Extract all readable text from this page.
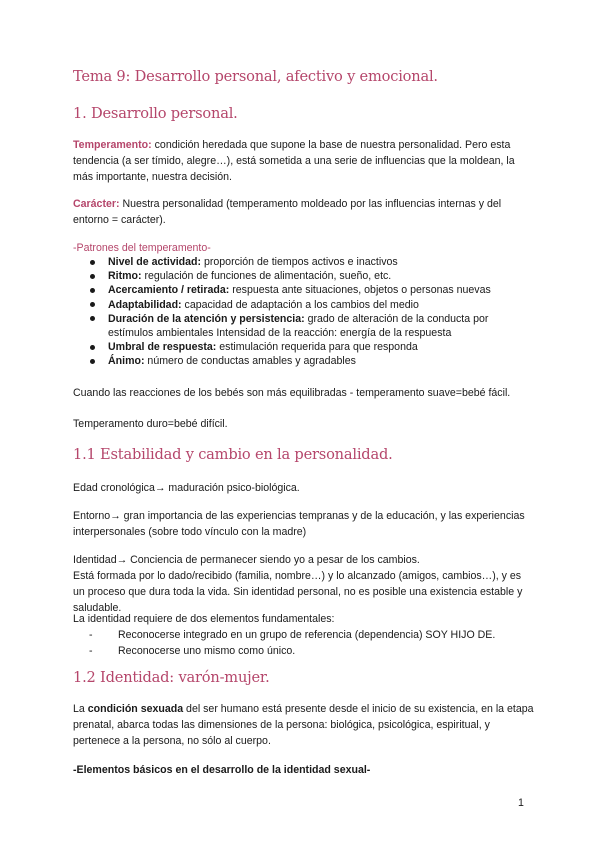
Tema 9: Desarrollo personal, afectivo y emocional.
1. Desarrollo personal.

Temperamento: condición heredada que supone la base de nuestra personalidad. Pero esta tendencia (a ser tímido, alegre…), está sometida a una serie de influencias que la moldean, la más importante, nuestra decisión.

Carácter: Nuestra personalidad (temperamento moldeado por las influencias internas y del entorno = carácter).

-Patrones del temperamento-

Nivel de actividad: proporción de tiempos activos e inactivos
Ritmo: regulación de funciones de alimentación, sueño, etc.
Acercamiento / retirada: respuesta ante situaciones, objetos o personas nuevas
Adaptabilidad: capacidad de adaptación a los cambios del medio
Duración de la atención y persistencia: grado de alteración de la conducta por estímulos ambientales Intensidad de la reacción: energía de la respuesta
Umbral de respuesta: estimulación requerida para que responda
Ánimo: número de conductas amables y agradables

Cuando las reacciones de los bebés son más equilibradas - temperamento suave=bebé fácil.

Temperamento duro=bebé difícil.

1.1 Estabilidad y cambio en la personalidad.

Edad cronológica→ maduración psico-biológica.

Entorno→ gran importancia de las experiencias tempranas y de la educación, y las experiencias interpersonales (sobre todo vínculo con la madre)

Identidad→ Conciencia de permanecer siendo yo a pesar de los cambios.

Está formada por lo dado/recibido (familia, nombre…) y lo alcanzado (amigos, cambios…), y es un proceso que dura toda la vida. Sin identidad personal, no es posible una existencia estable y saludable.

La identidad requiere de dos elementos fundamentales:

- Reconocerse integrado en un grupo de referencia (dependencia) SOY HIJO DE.
- Reconocerse uno mismo como único.
1.2 Identidad: varón-mujer.

La condición sexuada del ser humano está presente desde el inicio de su existencia, en la etapa prenatal, abarca todas las dimensiones de la persona: biológica, psicológica, espiritual, y pertenece a la persona, no sólo al cuerpo.

-Elementos básicos en el desarrollo de la identidad sexual-

1
